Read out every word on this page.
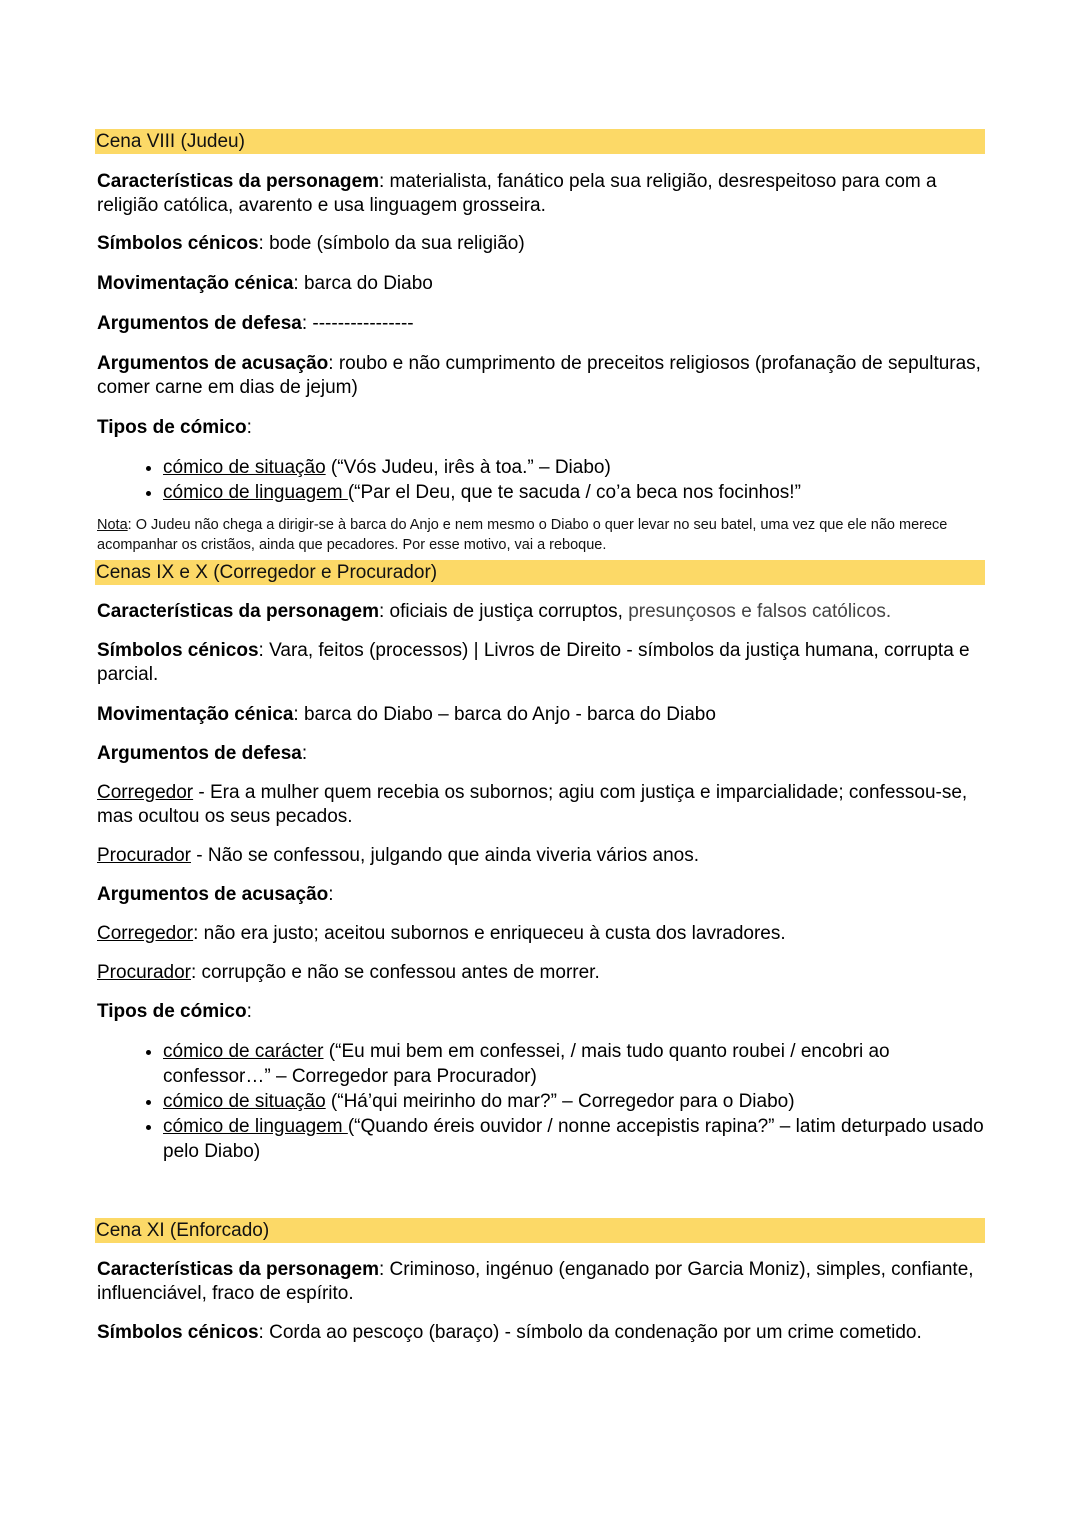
Cena VIII (Judeu)

Características da personagem: materialista, fanático pela sua religião, desrespeitoso para com a religião católica, avarento e usa linguagem grosseira.

Símbolos cénicos: bode (símbolo da sua religião)

Movimentação cénica: barca do Diabo

Argumentos de defesa: ----------------

Argumentos de acusação: roubo e não cumprimento de preceitos religiosos (profanação de sepulturas, comer carne em dias de jejum)

Tipos de cómico:

• cómico de situação (“Vós Judeu, irês à toa.” – Diabo)
• cómico de linguagem (“Par el Deu, que te sacuda / co’a beca nos focinhos!”

Nota: O Judeu não chega a dirigir-se à barca do Anjo e nem mesmo o Diabo o quer levar no seu batel, uma vez que ele não merece acompanhar os cristãos, ainda que pecadores. Por esse motivo, vai a reboque.

Cenas IX e X (Corregedor e Procurador)

Características da personagem: oficiais de justiça corruptos, presunçosos e falsos católicos.

Símbolos cénicos: Vara, feitos (processos) | Livros de Direito - símbolos da justiça humana, corrupta e parcial.

Movimentação cénica: barca do Diabo – barca do Anjo - barca do Diabo

Argumentos de defesa:

Corregedor - Era a mulher quem recebia os subornos; agiu com justiça e imparcialidade; confessou-se, mas ocultou os seus pecados.

Procurador - Não se confessou, julgando que ainda viveria vários anos.

Argumentos de acusação:

Corregedor: não era justo; aceitou subornos e enriqueceu à custa dos lavradores.

Procurador: corrupção e não se confessou antes de morrer.

Tipos de cómico:

• cómico de carácter (“Eu mui bem em confessei, / mais tudo quanto roubei / encobri ao confessor…” – Corregedor para Procurador)
• cómico de situação (“Há’qui meirinho do mar?” – Corregedor para o Diabo)
• cómico de linguagem (“Quando éreis ouvidor / nonne accepistis rapina?” – latim deturpado usado pelo Diabo)
Cena XI (Enforcado)

Características da personagem: Criminoso, ingénuo (enganado por Garcia Moniz), simples, confiante, influenciável, fraco de espírito.

Símbolos cénicos: Corda ao pescoço (baraço) - símbolo da condenação por um crime cometido.
